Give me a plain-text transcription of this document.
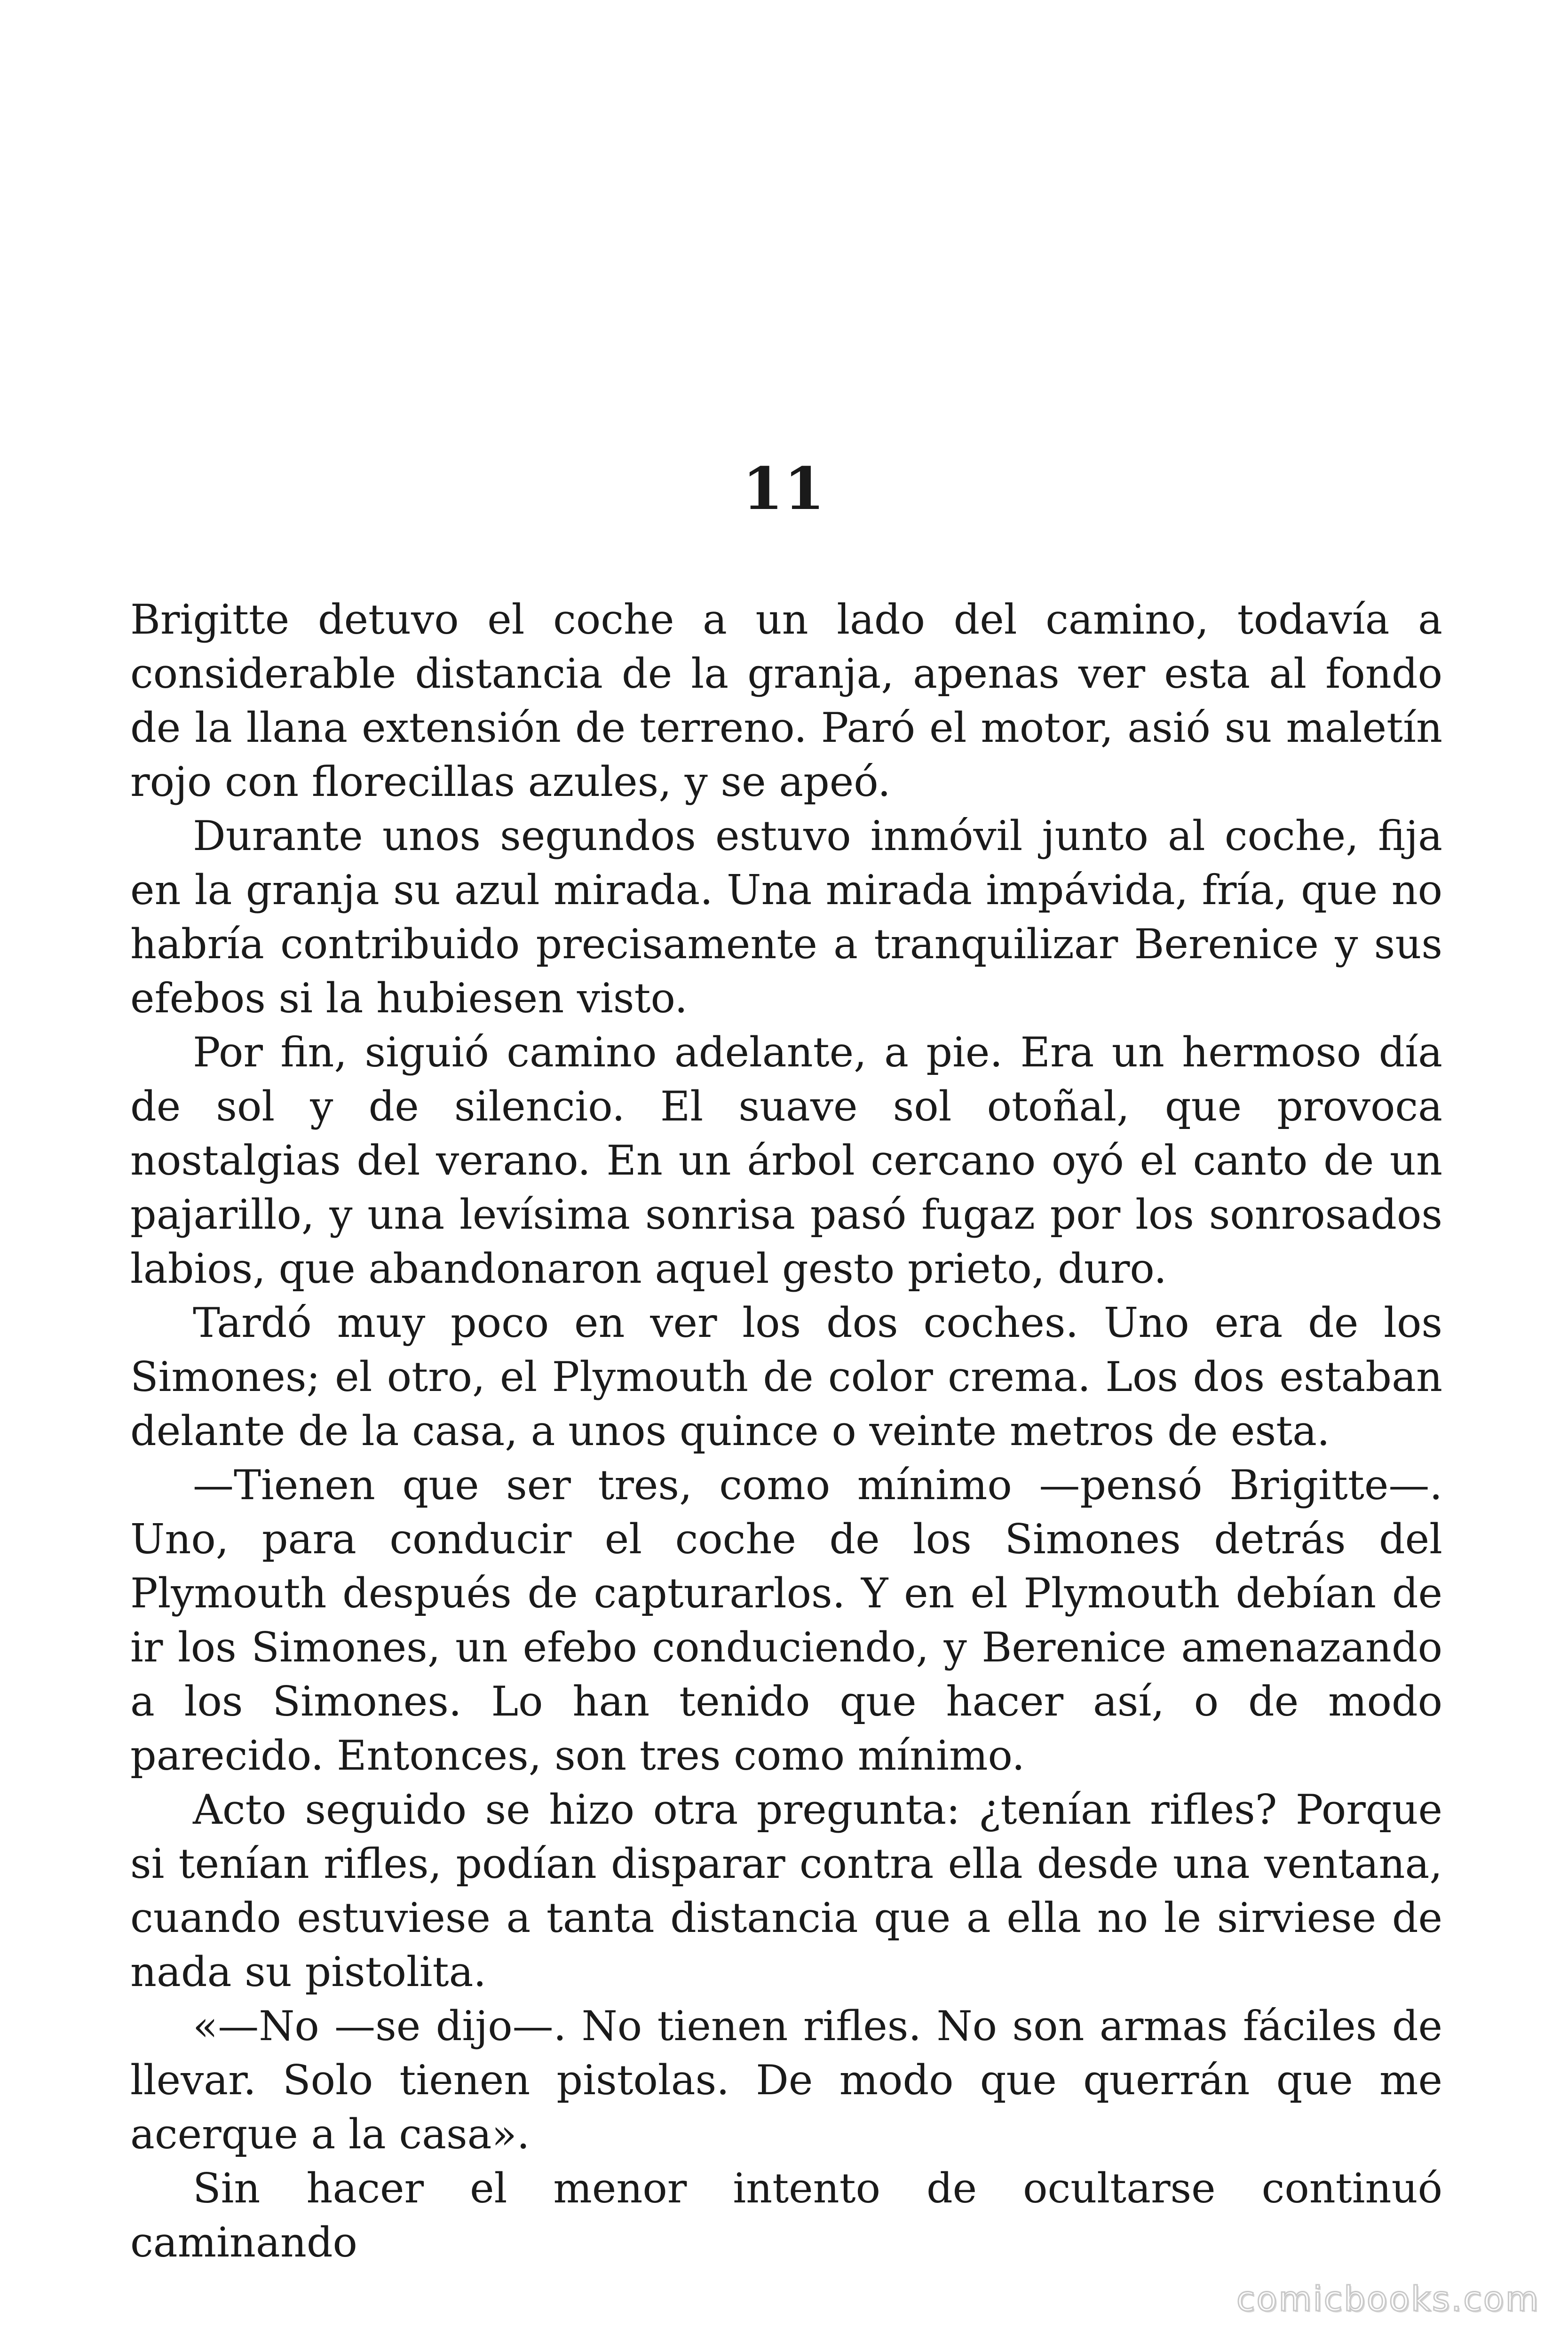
11

Brigitte detuvo el coche a un lado del camino, todavía a considerable distancia de la granja, apenas ver esta al fondo de la llana extensión de terreno. Paró el motor, asió su maletín rojo con florecillas azules, y se apeó.

Durante unos segundos estuvo inmóvil junto al coche, fija en la granja su azul mirada. Una mirada impávida, fría, que no habría contribuido precisamente a tranquilizar Berenice y sus efebos si la hubiesen visto.

Por fin, siguió camino adelante, a pie. Era un hermoso día de sol y de silencio. El suave sol otoñal, que provoca nostalgias del verano. En un árbol cercano oyó el canto de un pajarillo, y una levísima sonrisa pasó fugaz por los sonrosados labios, que abandonaron aquel gesto prieto, duro.

Tardó muy poco en ver los dos coches. Uno era de los Simones; el otro, el Plymouth de color crema. Los dos estaban delante de la casa, a unos quince o veinte metros de esta.

—Tienen que ser tres, como mínimo —pensó Brigitte—. Uno, para conducir el coche de los Simones detrás del Plymouth después de capturarlos. Y en el Plymouth debían de ir los Simones, un efebo conduciendo, y Berenice amenazando a los Simones. Lo han tenido que hacer así, o de modo parecido. Entonces, son tres como mínimo.

Acto seguido se hizo otra pregunta: ¿tenían rifles? Porque si tenían rifles, podían disparar contra ella desde una ventana, cuando estuviese a tanta distancia que a ella no le sirviese de nada su pistolita.

«—No —se dijo—. No tienen rifles. No son armas fáciles de llevar. Solo tienen pistolas. De modo que querrán que me acerque a la casa».

Sin hacer el menor intento de ocultarse continuó caminando

comicbooks.com
